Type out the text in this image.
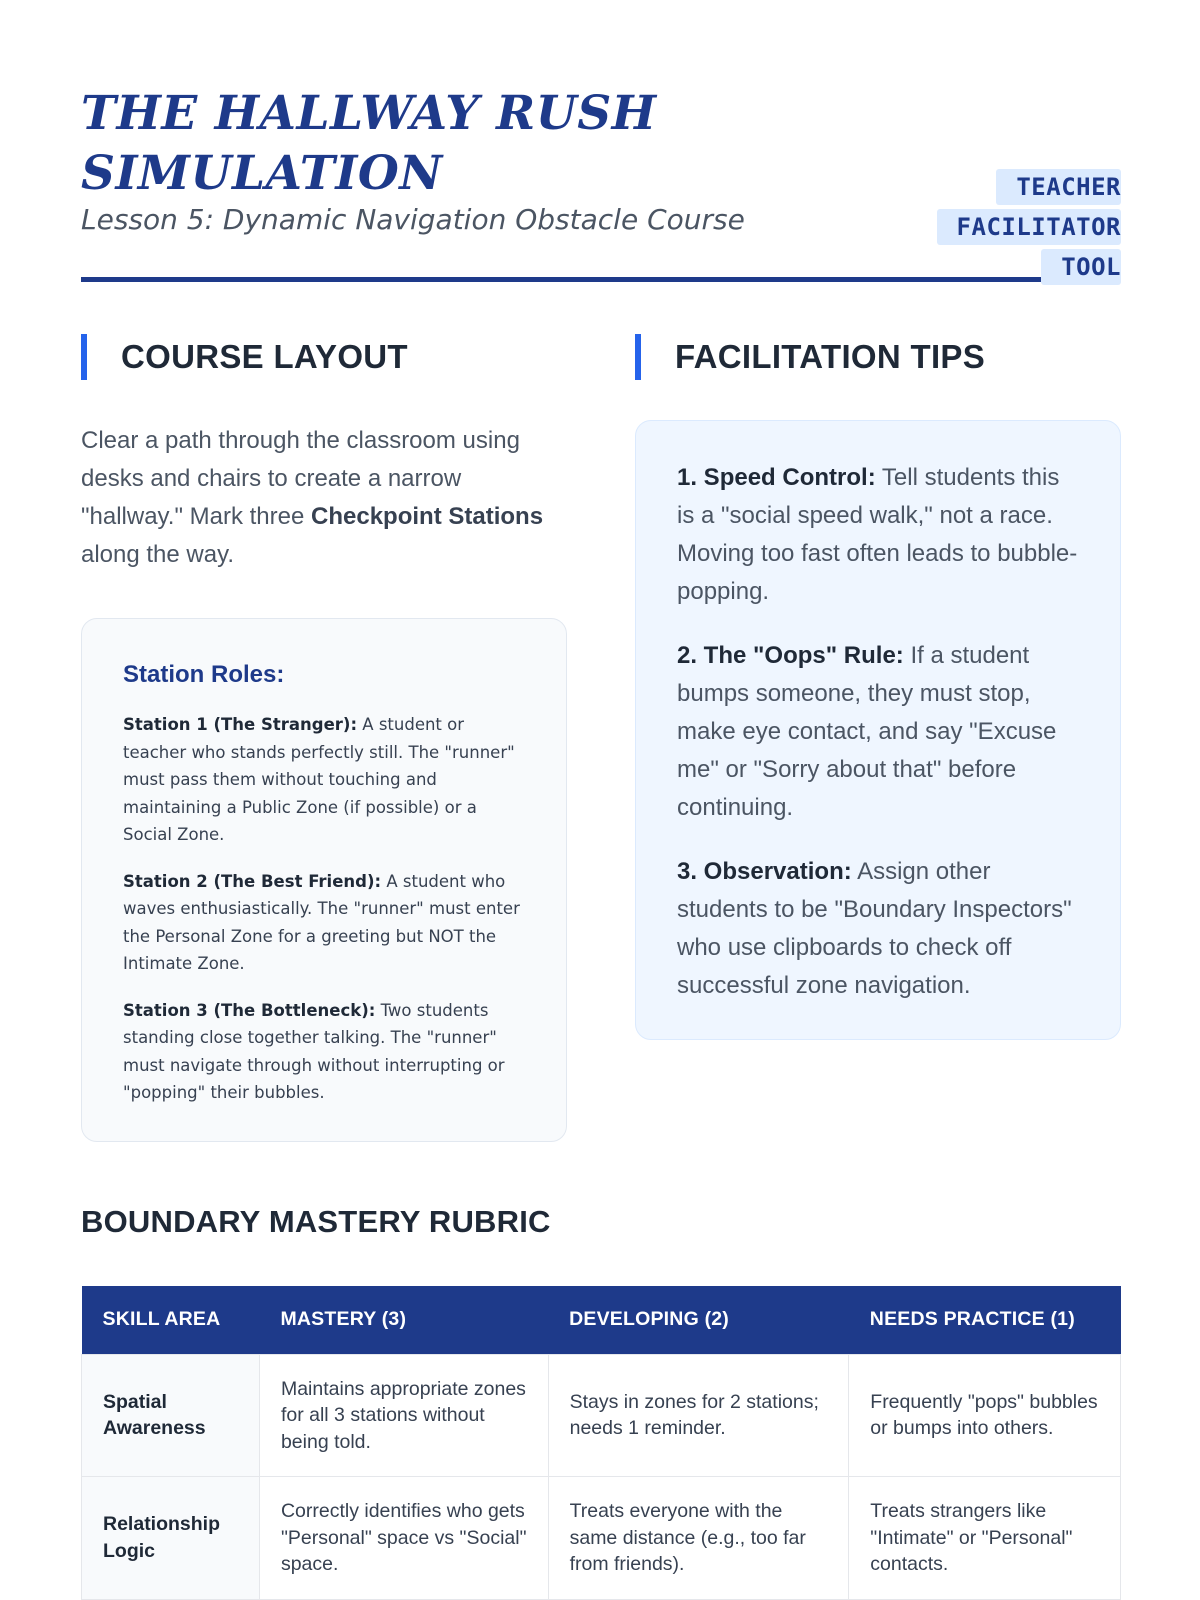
THE HALLWAY RUSH SIMULATION
Lesson 5: Dynamic Navigation Obstacle Course
TEACHER FACILITATOR TOOL
COURSE LAYOUT

Clear a path through the classroom using desks and chairs to create a narrow "hallway." Mark three Checkpoint Stations along the way.

Station Roles:

Station 1 (The Stranger): A student or teacher who stands perfectly still. The "runner" must pass them without touching and maintaining a Public Zone (if possible) or a Social Zone.

Station 2 (The Best Friend): A student who waves enthusiastically. The "runner" must enter the Personal Zone for a greeting but NOT the Intimate Zone.

Station 3 (The Bottleneck): Two students standing close together talking. The "runner" must navigate through without interrupting or "popping" their bubbles.

FACILITATION TIPS

1. Speed Control: Tell students this is a "social speed walk," not a race. Moving too fast often leads to bubble-popping.

2. The "Oops" Rule: If a student bumps someone, they must stop, make eye contact, and say "Excuse me" or "Sorry about that" before continuing.

3. Observation: Assign other students to be "Boundary Inspectors" who use clipboards to check off successful zone navigation.

BOUNDARY MASTERY RUBRIC
SKILL AREA	MASTERY (3)	DEVELOPING (2)	NEEDS PRACTICE (1)
Spatial Awareness	Maintains appropriate zones for all 3 stations without being told.	Stays in zones for 2 stations; needs 1 reminder.	Frequently "pops" bubbles or bumps into others.
Relationship Logic	Correctly identifies who gets "Personal" space vs "Social" space.	Treats everyone with the same distance (e.g., too far from friends).	Treats strangers like "Intimate" or "Personal" contacts.
